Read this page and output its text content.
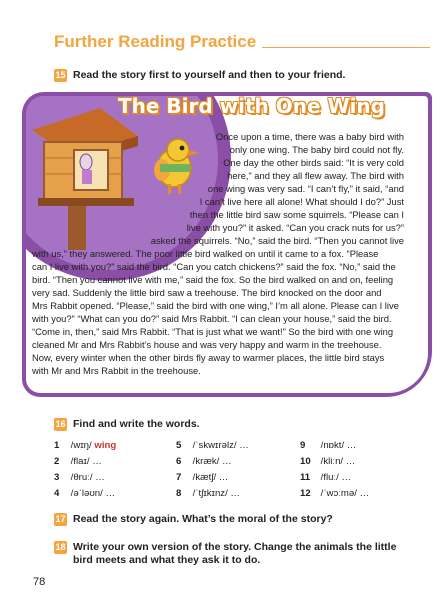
Further Reading Practice
15 Read the story first to yourself and then to your friend.
The Bird with One Wing
Once upon a time, there was a baby bird with
only one wing. The baby bird could not fly.
One day the other birds said: “It is very cold
here,” and they all flew away. The bird with
one wing was very sad. “I can’t fly,” it said, “and
I can’t live here all alone! What should I do?” Just
then the little bird saw some squirrels. “Please can I
live with you?” it asked. “Can you crack nuts for us?”
asked the squirrels. “No,” said the bird. “Then you cannot live
with us,” they answered. The poor little bird walked on until it came to a fox. “Please
can I live with you?” said the bird. “Can you catch chickens?” said the fox. “No,” said the
bird. “Then you cannot live with me,” said the fox. So the bird walked on and on, feeling
very sad. Suddenly the little bird saw a treehouse. The bird knocked on the door and
Mrs Rabbit opened. “Please,” said the bird with one wing,” I’m all alone. Please can I live
with you?” “What can you do?” said Mrs Rabbit. “I can clean your house,” said the bird.
“Come in, then,” said Mrs Rabbit. “That is just what we want!” So the bird with one wing
cleaned Mr and Mrs Rabbit’s house and was very happy and warm in the treehouse.
Now, every winter when the other birds fly away to warmer places, the little bird stays
with Mr and Mrs Rabbit in the treehouse.
16 Find and write the words.
1 /wɪŋ/ wing
2 /flaɪ/ …
3 /θruː/ …
4 /əˈləʊn/ …
5 /ˈskwɪrəlz/ …
6 /kræk/ …
7 /kætʃ/ …
8 /ˈtʃɪkɪnz/ …
9 /nɒkt/ …
10 /kliːn/ …
11 /fluː/ …
12 /ˈwɔːmə/ …
17 Read the story again. What’s the moral of the story?
18 Write your own version of the story. Change the animals the little
bird meets and what they ask it to do.
78
